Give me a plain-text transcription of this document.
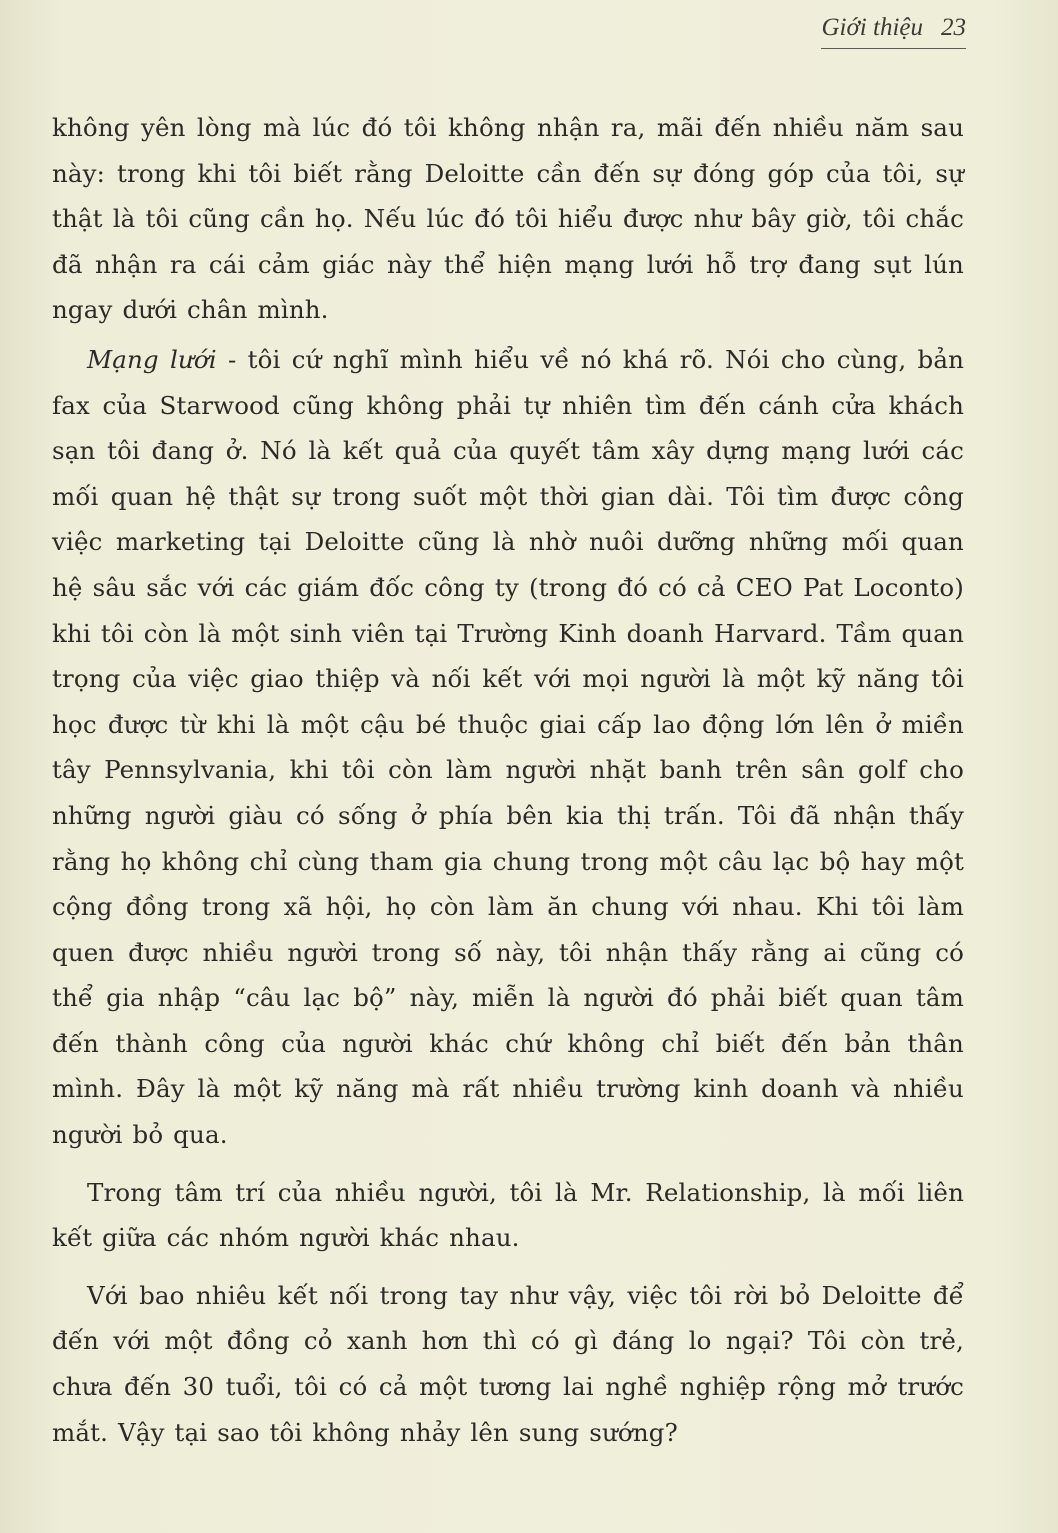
Giới thiệu 23

không yên lòng mà lúc đó tôi không nhận ra, mãi đến nhiều năm sau này: trong khi tôi biết rằng Deloitte cần đến sự đóng góp của tôi, sự thật là tôi cũng cần họ. Nếu lúc đó tôi hiểu được như bây giờ, tôi chắc đã nhận ra cái cảm giác này thể hiện mạng lưới hỗ trợ đang sụt lún ngay dưới chân mình.

Mạng lưới - tôi cứ nghĩ mình hiểu về nó khá rõ. Nói cho cùng, bản fax của Starwood cũng không phải tự nhiên tìm đến cánh cửa khách sạn tôi đang ở. Nó là kết quả của quyết tâm xây dựng mạng lưới các mối quan hệ thật sự trong suốt một thời gian dài. Tôi tìm được công việc marketing tại Deloitte cũng là nhờ nuôi dưỡng những mối quan hệ sâu sắc với các giám đốc công ty (trong đó có cả CEO Pat Loconto) khi tôi còn là một sinh viên tại Trường Kinh doanh Harvard. Tầm quan trọng của việc giao thiệp và nối kết với mọi người là một kỹ năng tôi học được từ khi là một cậu bé thuộc giai cấp lao động lớn lên ở miền tây Pennsylvania, khi tôi còn làm người nhặt banh trên sân golf cho những người giàu có sống ở phía bên kia thị trấn. Tôi đã nhận thấy rằng họ không chỉ cùng tham gia chung trong một câu lạc bộ hay một cộng đồng trong xã hội, họ còn làm ăn chung với nhau. Khi tôi làm quen được nhiều người trong số này, tôi nhận thấy rằng ai cũng có thể gia nhập “câu lạc bộ” này, miễn là người đó phải biết quan tâm đến thành công của người khác chứ không chỉ biết đến bản thân mình. Đây là một kỹ năng mà rất nhiều trường kinh doanh và nhiều người bỏ qua.

Trong tâm trí của nhiều người, tôi là Mr. Relationship, là mối liên kết giữa các nhóm người khác nhau.

Với bao nhiêu kết nối trong tay như vậy, việc tôi rời bỏ Deloitte để đến với một đồng cỏ xanh hơn thì có gì đáng lo ngại? Tôi còn trẻ, chưa đến 30 tuổi, tôi có cả một tương lai nghề nghiệp rộng mở trước mắt. Vậy tại sao tôi không nhảy lên sung sướng?
